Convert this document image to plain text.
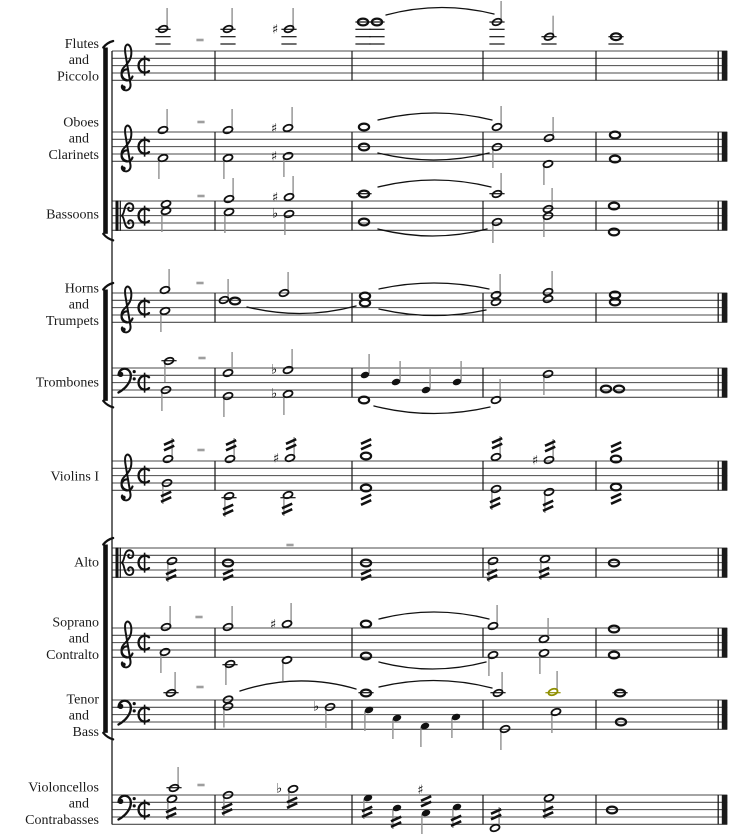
Flutes
and
Piccolo
Oboes
and
Clarinets
Bassoons
Horns
and
Trumpets
Trombones
Violins I
Alto
Soprano
and
Contralto
Tenor
and
Bass
Violoncellos
and
Contrabasses
♯
♯
♯
♯
♭
♭
♭
♯	♯
♯
♭
♭	♯
